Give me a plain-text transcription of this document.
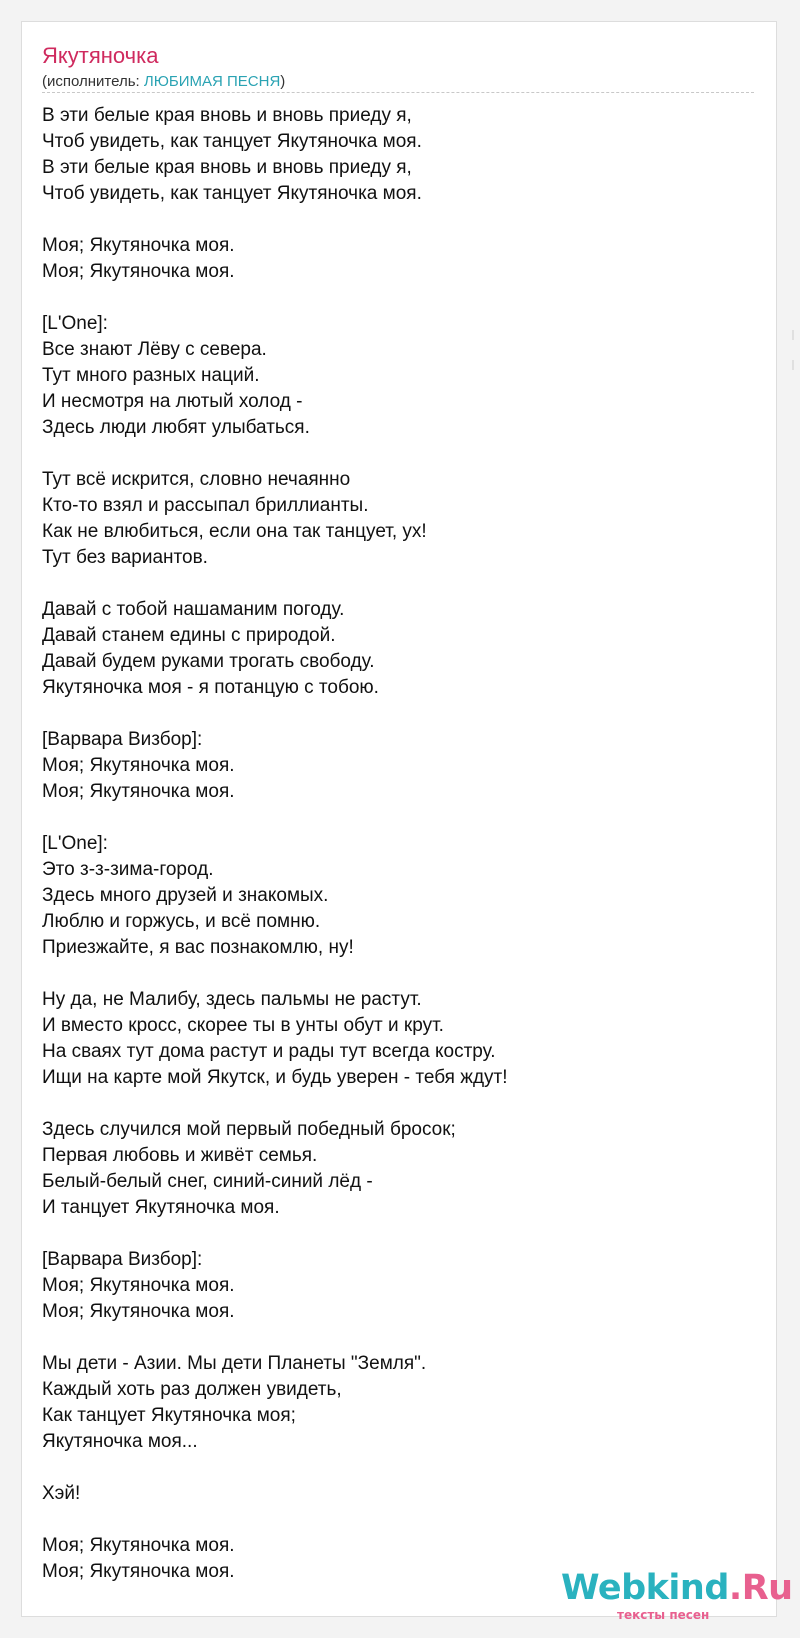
Якутяночка
(исполнитель: ЛЮБИМАЯ ПЕСНЯ)
В эти белые края вновь и вновь приеду я,
Чтоб увидеть, как танцует Якутяночка моя.
В эти белые края вновь и вновь приеду я,
Чтоб увидеть, как танцует Якутяночка моя.
Моя; Якутяночка моя.
Моя; Якутяночка моя.
[L'One]:
Все знают Лёву с севера.
Тут много разных наций.
И несмотря на лютый холод -
Здесь люди любят улыбаться.
Тут всё искрится, словно нечаянно
Кто-то взял и рассыпал бриллианты.
Как не влюбиться, если она так танцует, ух!
Тут без вариантов.
Давай с тобой нашаманим погоду.
Давай станем едины с природой.
Давай будем руками трогать свободу.
Якутяночка моя - я потанцую с тобою.
[Варвара Визбор]:
Моя; Якутяночка моя.
Моя; Якутяночка моя.
[L'One]:
Это з-з-зима-город.
Здесь много друзей и знакомых.
Люблю и горжусь, и всё помню.
Приезжайте, я вас познакомлю, ну!
Ну да, не Малибу, здесь пальмы не растут.
И вместо кросс, скорее ты в унты обут и крут.
На сваях тут дома растут и рады тут всегда костру.
Ищи на карте мой Якутск, и будь уверен - тебя ждут!
Здесь случился мой первый победный бросок;
Первая любовь и живёт семья.
Белый-белый снег, синий-синий лёд -
И танцует Якутяночка моя.
[Варвара Визбор]:
Моя; Якутяночка моя.
Моя; Якутяночка моя.
Мы дети - Азии. Мы дети Планеты "Земля".
Каждый хоть раз должен увидеть,
Как танцует Якутяночка моя;
Якутяночка моя...
Хэй!
Моя; Якутяночка моя.
Моя; Якутяночка моя.	Webkind.Ru
тексты песен
